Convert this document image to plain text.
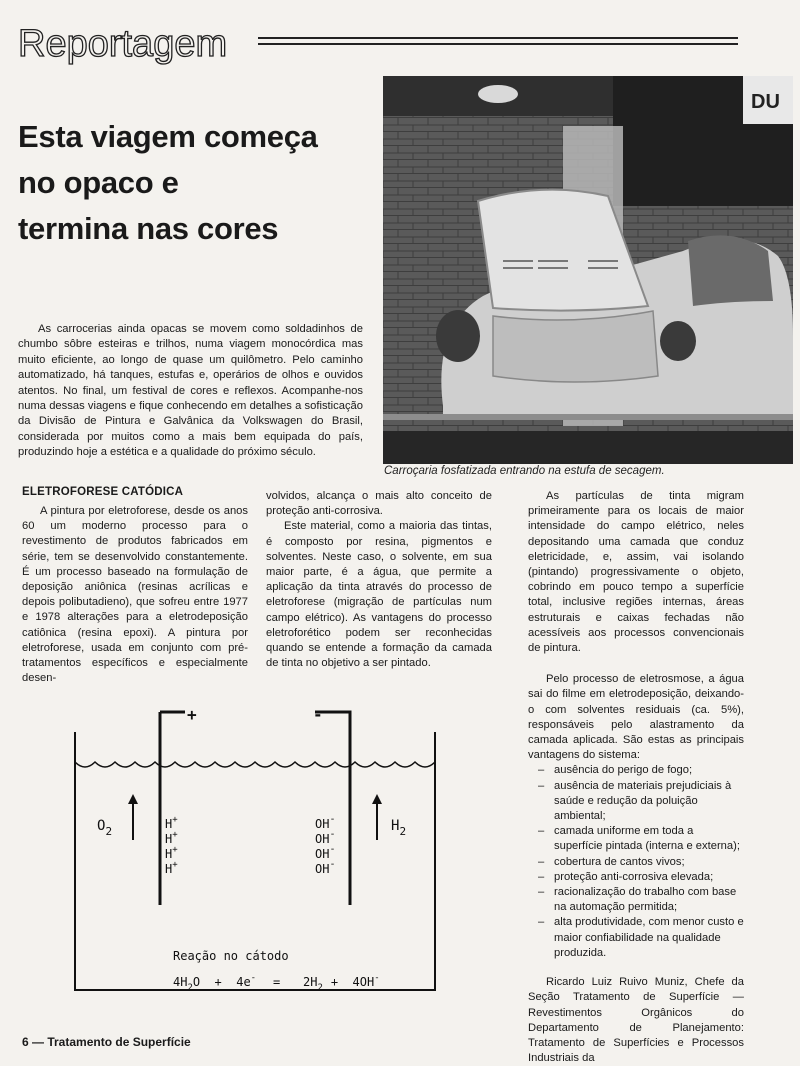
Reportagem
Esta viagem começa
no opaco e
termina nas cores
DU
Carroçaria fosfatizada entrando na estufa de secagem.
As carrocerias ainda opacas se movem como soldadinhos de chumbo sôbre esteiras e trilhos, numa viagem monocórdica mas muito eficiente, ao longo de quase um quilômetro. Pelo caminho automatizado, há tanques, estufas e, operários de olhos e ouvidos atentos. No final, um festival de cores e reflexos. Acompanhe-nos numa dessas viagens e fique conhecendo em detalhes a sofisticação da Divisão de Pintura e Galvânica da Volkswagen do Brasil, considerada por muitos como a mais bem equipada do país, produzindo hoje a estética e a qualidade do próximo século.
ELETROFORESE CATÓDICA

A pintura por eletroforese, desde os anos 60 um moderno processo para o revestimento de produtos fabricados em série, tem se desenvolvido constantemente. É um processo baseado na formulação de deposição aniônica (resinas acrílicas e depois polibutadieno), que sofreu entre 1977 e 1978 alterações para a eletrodeposição catiônica (resina epoxi). A pintura por eletroforese, usada em conjunto com pré-tratamentos específicos e especialmente desen-

volvidos, alcança o mais alto conceito de proteção anti-corrosiva.

Este material, como a maioria das tintas, é composto por resina, pigmentos e solventes. Neste caso, o solvente, em sua maior parte, é a água, que permite a aplicação da tinta através do processo de eletroforese (migração de partículas num campo elétrico). As vantagens do processo eletroforético podem ser reconhecidas quando se entende a formação da camada de tinta no objetivo a ser pintado.

As partículas de tinta migram primeiramente para os locais de maior intensidade do campo elétrico, neles depositando uma camada que conduz eletricidade, e, assim, vai isolando (pintando) progressivamente o objeto, cobrindo em pouco tempo a superfície total, inclusive regiões internas, áreas estruturais e caixas fechadas não acessíveis aos processos convencionais de pintura.

Pelo processo de eletrosmose, a água sai do filme em eletrodeposição, deixando-o com solventes residuais (ca. 5%), responsáveis pelo alastramento da camada aplicada. São estas as principais vantagens do sistema:

– ausência do perigo de fogo;
– ausência de materiais prejudiciais à saúde e redução da poluição ambiental;
– camada uniforme em toda a superfície pintada (interna e externa);
– cobertura de cantos vivos;
– proteção anti-corrosiva elevada;
– racionalização do trabalho com base na automação permitida;
– alta produtividade, com menor custo e maior confiabilidade na qualidade produzida.

Ricardo Luiz Ruivo Muniz, Chefe da Seção Tratamento de Superfície — Revestimentos Orgânicos do Departamento de Planejamento: Tratamento de Superfícies e Processos Industriais da

+	-
$O_2$	$H_2$
H+
H+
H+
H+
OH-
OH-
OH-
OH-
Reação no cátodo
$4H_2O + 4e^- = 2H_2 + 4OH^-$
6 — Tratamento de Superfície
